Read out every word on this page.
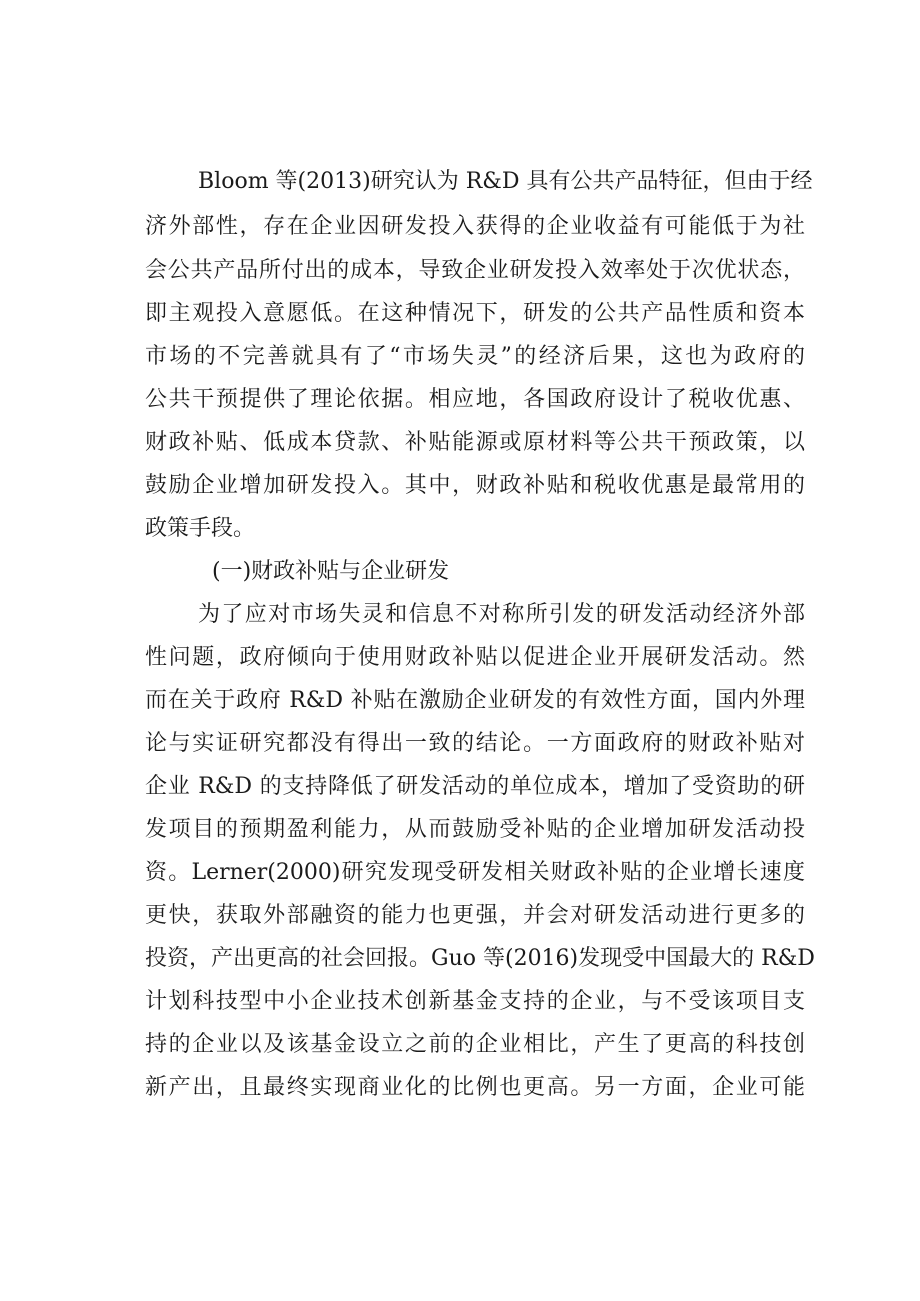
Bloom 等(2013)研究认为 R&D 具有公共产品特征，但由于经
济外部性，存在企业因研发投入获得的企业收益有可能低于为社
会公共产品所付出的成本，导致企业研发投入效率处于次优状态，
即主观投入意愿低。在这种情况下，研发的公共产品性质和资本
市场的不完善就具有了“市场失灵”的经济后果，这也为政府的
公共干预提供了理论依据。相应地，各国政府设计了税收优惠、
财政补贴、低成本贷款、补贴能源或原材料等公共干预政策，以
鼓励企业增加研发投入。其中，财政补贴和税收优惠是最常用的
政策手段。
(一)财政补贴与企业研发
为了应对市场失灵和信息不对称所引发的研发活动经济外部
性问题，政府倾向于使用财政补贴以促进企业开展研发活动。然
而在关于政府 R&D 补贴在激励企业研发的有效性方面，国内外理
论与实证研究都没有得出一致的结论。一方面政府的财政补贴对
企业 R&D 的支持降低了研发活动的单位成本，增加了受资助的研
发项目的预期盈利能力，从而鼓励受补贴的企业增加研发活动投
资。Lerner(2000)研究发现受研发相关财政补贴的企业增长速度
更快，获取外部融资的能力也更强，并会对研发活动进行更多的
投资，产出更高的社会回报。Guo 等(2016)发现受中国最大的 R&D
计划科技型中小企业技术创新基金支持的企业，与不受该项目支
持的企业以及该基金设立之前的企业相比，产生了更高的科技创
新产出，且最终实现商业化的比例也更高。另一方面，企业可能
